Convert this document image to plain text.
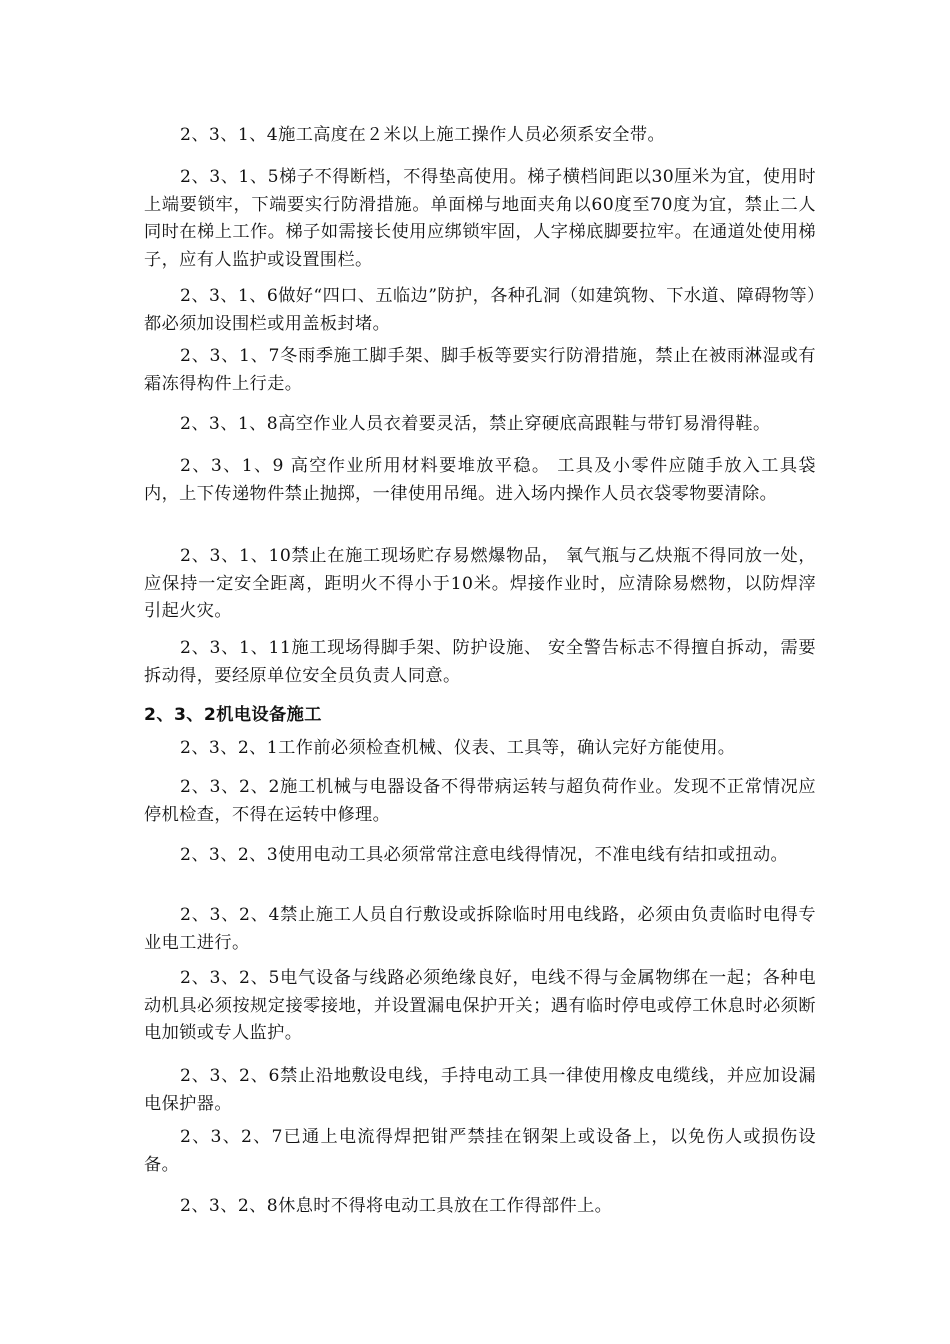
2、3、1、4施工高度在２米以上施工操作人员必须系安全带。

2、3、1、5梯子不得断档，不得垫高使用。梯子横档间距以30厘米为宜，使用时上端要锁牢，下端要实行防滑措施。单面梯与地面夹角以60度至70度为宜，禁止二人同时在梯上工作。梯子如需接长使用应绑锁牢固，人字梯底脚要拉牢。在通道处使用梯子，应有人监护或设置围栏。

2、3、1、6做好“四口、五临边”防护，各种孔洞（如建筑物、下水道、障碍物等）都必须加设围栏或用盖板封堵。

2、3、1、7冬雨季施工脚手架、脚手板等要实行防滑措施，禁止在被雨淋湿或有霜冻得构件上行走。

2、3、1、8高空作业人员衣着要灵活，禁止穿硬底高跟鞋与带钉易滑得鞋。

2、3、1、9 高空作业所用材料要堆放平稳。 工具及小零件应随手放入工具袋内，上下传递物件禁止抛掷，一律使用吊绳。进入场内操作人员衣袋零物要清除。

2、3、1、10禁止在施工现场贮存易燃爆物品， 氧气瓶与乙炔瓶不得同放一处，应保持一定安全距离，距明火不得小于10米。焊接作业时，应清除易燃物，以防焊滓引起火灾。

2、3、1、11施工现场得脚手架、防护设施、 安全警告标志不得擅自拆动，需要拆动得，要经原单位安全员负责人同意。

2、3、2机电设备施工

2、3、2、1工作前必须检查机械、仪表、工具等，确认完好方能使用。

2、3、2、2施工机械与电器设备不得带病运转与超负荷作业。发现不正常情况应停机检查，不得在运转中修理。

2、3、2、3使用电动工具必须常常注意电线得情况，不准电线有结扣或扭动。

2、3、2、4禁止施工人员自行敷设或拆除临时用电线路，必须由负责临时电得专业电工进行。

2、3、2、5电气设备与线路必须绝缘良好，电线不得与金属物绑在一起；各种电动机具必须按规定接零接地，并设置漏电保护开关；遇有临时停电或停工休息时必须断电加锁或专人监护。

2、3、2、6禁止沿地敷设电线，手持电动工具一律使用橡皮电缆线，并应加设漏电保护器。

2、3、2、7已通上电流得焊把钳严禁挂在钢架上或设备上，以免伤人或损伤设备。

2、3、2、8休息时不得将电动工具放在工作得部件上。
